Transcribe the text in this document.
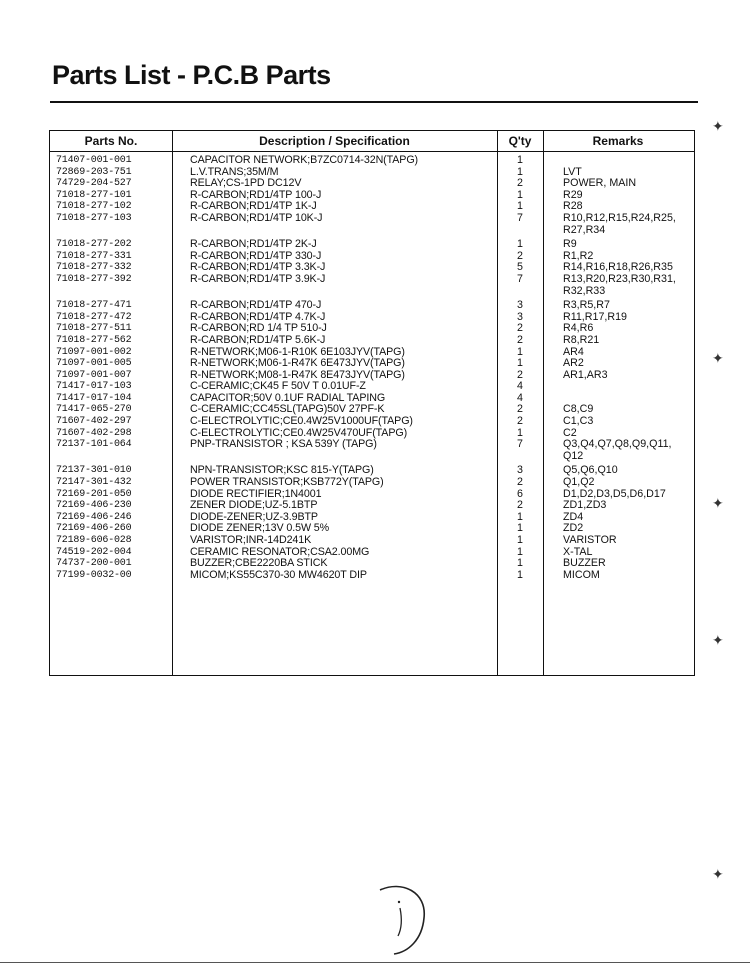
Parts List - P.C.B Parts
Parts No.	Description / Specification	Q'ty	Remarks
71407-001-001	CAPACITOR NETWORK;B7ZC0714-32N(TAPG)	1
72869-203-751	L.V.TRANS;35M/M	1	LVT
74729-204-527	RELAY;CS-1PD DC12V	2	POWER, MAIN
71018-277-101	R-CARBON;RD1/4TP 100-J	1	R29
71018-277-102	R-CARBON;RD1/4TP 1K-J	1	R28
71018-277-103	R-CARBON;RD1/4TP 10K-J	7	R10,R12,R15,R24,R25, R27,R34
71018-277-202	R-CARBON;RD1/4TP 2K-J	1	R9
71018-277-331	R-CARBON;RD1/4TP 330-J	2	R1,R2
71018-277-332	R-CARBON;RD1/4TP 3.3K-J	5	R14,R16,R18,R26,R35
71018-277-392	R-CARBON;RD1/4TP 3.9K-J	7	R13,R20,R23,R30,R31, R32,R33
71018-277-471	R-CARBON;RD1/4TP 470-J	3	R3,R5,R7
71018-277-472	R-CARBON;RD1/4TP 4.7K-J	3	R11,R17,R19
71018-277-511	R-CARBON;RD 1/4 TP 510-J	2	R4,R6
71018-277-562	R-CARBON;RD1/4TP 5.6K-J	2	R8,R21
71097-001-002	R-NETWORK;M06-1-R10K 6E103JYV(TAPG)	1	AR4
71097-001-005	R-NETWORK;M06-1-R47K 6E473JYV(TAPG)	1	AR2
71097-001-007	R-NETWORK;M08-1-R47K 8E473JYV(TAPG)	2	AR1,AR3
71417-017-103	C-CERAMIC;CK45 F 50V T 0.01UF-Z	4
71417-017-104	CAPACITOR;50V 0.1UF RADIAL TAPING	4
71417-065-270	C-CERAMIC;CC45SL(TAPG)50V 27PF-K	2	C8,C9
71607-402-297	C-ELECTROLYTIC;CE0.4W25V1000UF(TAPG)	2	C1,C3
71607-402-298	C-ELECTROLYTIC;CE0.4W25V470UF(TAPG)	1	C2
72137-101-064	PNP-TRANSISTOR ; KSA 539Y (TAPG)	7	Q3,Q4,Q7,Q8,Q9,Q11, Q12
72137-301-010	NPN-TRANSISTOR;KSC 815-Y(TAPG)	3	Q5,Q6,Q10
72147-301-432	POWER TRANSISTOR;KSB772Y(TAPG)	2	Q1,Q2
72169-201-050	DIODE RECTIFIER;1N4001	6	D1,D2,D3,D5,D6,D17
72169-406-230	ZENER DIODE;UZ-5.1BTP	2	ZD1,ZD3
72169-406-246	DIODE-ZENER;UZ-3.9BTP	1	ZD4
72169-406-260	DIODE ZENER;13V 0.5W 5%	1	ZD2
72189-606-028	VARISTOR;INR-14D241K	1	VARISTOR
74519-202-004	CERAMIC RESONATOR;CSA2.00MG	1	X-TAL
74737-200-001	BUZZER;CBE2220BA STICK	1	BUZZER
77199-0032-00	MICOM;KS55C370-30 MW4620T DIP	1	MICOM
✦
✦
✦
✦
✦
